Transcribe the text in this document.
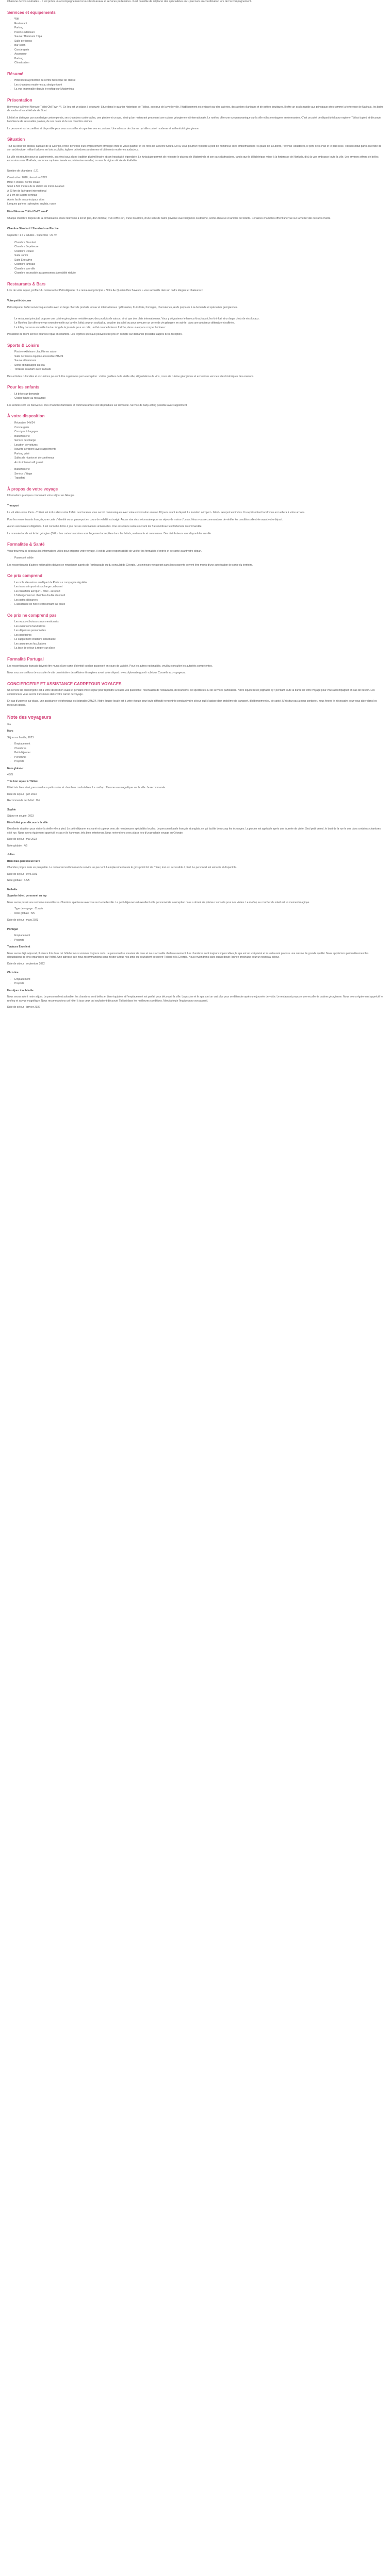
Chacune de vos souhaités... Il est prévu un accompagnement à tous les bureaux et services partenaires. Il est possible de déplacer des spécialistes en 1 parcours en coordination lors de l'accompagnement.

Services et équipements
• Wifi
• Restaurant
• Parking
• Piscine extérieure
• Sauna / Hammam / Spa
• Salle de fitness
• Bar-salon
• Conciergerie
• Ascenseur
• Parking
• Climatisation
Résumé
• Hôtel idéal à proximité du centre historique de Tbilissi
• Les chambres modernes au design épuré
• La vue imprenable depuis le rooftop sur Mtatsminda
Présentation

Bienvenue à l'Hôtel Mercure Tbilisi Old Town 4*. Ce lieu est un plaisir à découvrir. Situé dans le quartier historique de Tbilissi, au cœur de la vieille ville, l'établissement est entouré par des galeries, des ateliers d'artisans et de petites boutiques. Il offre un accès rapide aux principaux sites comme la forteresse de Narikala, les bains de soufre et la cathédrale de Sioni.

L'hôtel se distingue par son design contemporain, ses chambres confortables, une piscine et un spa, ainsi qu'un restaurant proposant une cuisine géorgienne et internationale. Le rooftop offre une vue panoramique sur la ville et les montagnes environnantes. C'est un point de départ idéal pour explorer Tbilissi à pied et découvrir l'ambiance de ses ruelles pavées, de ses cafés et de ses marchés animés.

Le personnel est accueillant et disponible pour vous conseiller et organiser vos excursions. Une adresse de charme qui allie confort moderne et authenticité géorgienne.

Situation

Tout au cœur de Tbilissi, capitale de la Géorgie, l'hôtel bénéficie d'un emplacement privilégié entre le vieux quartier et les rives de la rivière Koura. De là, vous pourrez rejoindre à pied de nombreux sites emblématiques : la place de la Liberté, l'avenue Roustavéli, le pont de la Paix et le parc Rike. Tbilissi séduit par la diversité de son architecture, mêlant balcons en bois sculptés, églises orthodoxes anciennes et bâtiments modernes audacieux.

La ville est réputée pour sa gastronomie, ses vins issus d'une tradition plurimillénaire et son hospitalité légendaire. Le funiculaire permet de rejoindre le plateau de Mtatsminda et son parc d'attractions, tandis que le téléphérique mène à la forteresse de Narikala, d'où la vue embrasse toute la ville. Les environs offrent de belles excursions vers Mtskheta, ancienne capitale classée au patrimoine mondial, ou vers la région viticole de Kakhétie.

Nombre de chambres : 121

Construit en 2018, rénové en 2023

Hôtel 4 étoiles, norme locale

Situé à 500 mètres de la station de métro Avlabari

À 20 km de l'aéroport international

À 1 km de la gare centrale

Accès facile aux principaux sites

Langues parlées : géorgien, anglais, russe

Hôtel Mercure Tbilisi Old Town 4*

Chaque chambre dispose de la climatisation, d'une télévision à écran plat, d'un minibar, d'un coffre-fort, d'une bouilloire, d'une salle de bains privative avec baignoire ou douche, sèche-cheveux et articles de toilette. Certaines chambres offrent une vue sur la vieille ville ou sur la rivière.

Chambre Standard / Standard vue Piscine

Capacité : 1 à 2 adultes - Superficie : 22 m²

• Chambre Standard
• Chambre Supérieure
• Chambre Deluxe
• Suite Junior
• Suite Executive
• Chambre familiale
• Chambre vue ville
• Chambre accessible aux personnes à mobilité réduite
Restaurants & Bars

Lors de votre séjour, profitez du restaurant et Petit-déjeuner : Le restaurant principal « Notre Au Quotien Des Saveurs » vous accueille dans un cadre élégant et chaleureux.

Votre petit-déjeuner

Petit-déjeuner buffet servi chaque matin avec un large choix de produits locaux et internationaux : pâtisseries, fruits frais, fromages, charcuteries, œufs préparés à la demande et spécialités géorgiennes.

• Le restaurant principal propose une cuisine géorgienne revisitée avec des produits de saison, ainsi que des plats internationaux. Vous y dégusterez le fameux khachapuri, les khinkali et un large choix de vins locaux.
• Le Rooftop Bar offre une vue exceptionnelle sur la ville. Idéal pour un cocktail au coucher du soleil ou pour savourer un verre de vin géorgien en soirée, dans une ambiance détendue et raffinée.
• Le lobby bar vous accueille tout au long de la journée pour un café, un thé ou une boisson fraîche, dans un espace cosy et lumineux.

Possibilité de room service pour les repas en chambre. Les régimes spéciaux peuvent être pris en compte sur demande préalable auprès de la réception.

Sports & Loisirs
• Piscine extérieure chauffée en saison
• Salle de fitness équipée accessible 24h/24
• Sauna et hammam
• Soins et massages au spa
• Terrasse solarium avec transats

Des activités culturelles et excursions peuvent être organisées par la réception : visites guidées de la vieille ville, dégustations de vins, cours de cuisine géorgienne et excursions vers les sites historiques des environs.

Pour les enfants
• Lit bébé sur demande
• Chaise haute au restaurant

Les enfants sont les bienvenus. Des chambres familiales et communicantes sont disponibles sur demande. Service de baby-sitting possible avec supplément.

À votre disposition
• Réception 24h/24
• Conciergerie
• Consigne à bagages
• Blanchisserie
• Service de change
• Location de voitures
• Navette aéroport (avec supplément)
• Parking privé
• Salles de réunion et de conférence
• Accès internet wifi gratuit
• Blanchisserie
• Service d'étage
• Transfert
À propos de votre voyage

Informations pratiques concernant votre séjour en Géorgie.

Transport

Le vol aller-retour Paris - Tbilissi est inclus dans votre forfait. Les horaires vous seront communiqués avec votre convocation environ 10 jours avant le départ. Le transfert aéroport - hôtel - aéroport est inclus. Un représentant local vous accueillera à votre arrivée.

Pour les ressortissants français, une carte d'identité ou un passeport en cours de validité est exigé. Aucun visa n'est nécessaire pour un séjour de moins d'un an. Nous vous recommandons de vérifier les conditions d'entrée avant votre départ.

Aucun vaccin n'est obligatoire. Il est conseillé d'être à jour de ses vaccinations universelles. Une assurance santé couvrant les frais médicaux est fortement recommandée.

La monnaie locale est le lari géorgien (GEL). Les cartes bancaires sont largement acceptées dans les hôtels, restaurants et commerces. Des distributeurs sont disponibles en ville.

Formalités & Santé

Vous trouverez ci-dessous les informations utiles pour préparer votre voyage. Il est de votre responsabilité de vérifier les formalités d'entrée et de santé avant votre départ.

• Passeport valide

Les ressortissants d'autres nationalités doivent se renseigner auprès de l'ambassade ou du consulat de Géorgie. Les mineurs voyageant sans leurs parents doivent être munis d'une autorisation de sortie du territoire.

Ce prix comprend
• Les vols aller-retour au départ de Paris sur compagnie régulière
• Les taxes aéroport et surcharge carburant
• Les transferts aéroport - hôtel - aéroport
• L'hébergement en chambre double standard
• Les petits-déjeuners
• L'assistance de notre représentant sur place
Ce prix ne comprend pas
• Les repas et boissons non mentionnés
• Les excursions facultatives
• Les dépenses personnelles
• Les pourboires
• Le supplément chambre individuelle
• Les assurances facultatives
• La taxe de séjour à régler sur place
Formalité Portugal

Les ressortissants français doivent être munis d'une carte d'identité ou d'un passeport en cours de validité. Pour les autres nationalités, veuillez consulter les autorités compétentes.

Nous vous conseillons de consulter le site du ministère des Affaires étrangères avant votre départ : www.diplomatie.gouv.fr rubrique Conseils aux voyageurs.

CONCIERGERIE ET ASSISTANCE CARREFOUR VOYAGES

Un service de conciergerie est à votre disposition avant et pendant votre séjour pour répondre à toutes vos questions : réservation de restaurants, d'excursions, de spectacles ou de services particuliers. Notre équipe reste joignable 7j/7 pendant toute la durée de votre voyage pour vous accompagner en cas de besoin. Les coordonnées vous seront transmises dans votre carnet de voyage.

En cas d'urgence sur place, une assistance téléphonique est joignable 24h/24. Notre équipe locale est à votre écoute pour toute difficulté rencontrée pendant votre séjour, qu'il s'agisse d'un problème de transport, d'hébergement ou de santé. N'hésitez pas à nous contacter, nous ferons le nécessaire pour vous aider dans les meilleurs délais.

Note des voyageurs

4.1

Marc

Séjour en famille, 2023

• Emplacement
• Chambres
• Petit-déjeuner
• Personnel
• Propreté

Note globale :

4.5/5

Très bon séjour à Tbilissi

Hôtel très bien situé, personnel aux petits soins et chambres confortables. Le rooftop offre une vue magnifique sur la ville. Je recommande.

Date de séjour : juin 2023

Recommande cet hôtel : Oui

Sophie

Séjour en couple, 2023

Hôtel idéal pour découvrir la ville

Excellente situation pour visiter la vieille ville à pied. Le petit-déjeuner est varié et copieux avec de nombreuses spécialités locales. Le personnel parle français et anglais, ce qui facilite beaucoup les échanges. La piscine est agréable après une journée de visite. Seul petit bémol, le bruit de la rue le soir dans certaines chambres côté rue. Nous avons également apprécié le spa et le hammam, très bien entretenus. Nous reviendrons avec plaisir lors d'un prochain voyage en Géorgie.

Date de séjour : mai 2023

Note globale : 4/5

Julien

Bien mais peut mieux faire

Chambre propre mais un peu petite. Le restaurant est bon mais le service un peu lent. L'emplacement reste le gros point fort de l'hôtel, tout est accessible à pied. Le personnel est aimable et disponible.

Date de séjour : avril 2023

Note globale : 3.5/5

Nathalie

Superbe hôtel, personnel au top

Nous avons passé une semaine merveilleuse. Chambre spacieuse avec vue sur la vieille ville. Le petit-déjeuner est excellent et le personnel de la réception nous a donné de précieux conseils pour nos visites. Le rooftop au coucher du soleil est un moment magique.

• Type de voyage : Couple
• Note globale : 5/5

Date de séjour : mars 2023

Portugal

• Emplacement
• Propreté

Toujours Excellent

Nous avons déjà séjourné plusieurs fois dans cet hôtel et nous sommes toujours ravis. Le personnel se souvient de nous et nous accueille chaleureusement. Les chambres sont toujours impeccables, le spa est un vrai plaisir et le restaurant propose une cuisine de grande qualité. Nous apprécions particulièrement les dégustations de vins organisées par l'hôtel. Une adresse que nous recommandons sans hésiter à tous nos amis qui souhaitent découvrir Tbilissi et la Géorgie. Nous reviendrons sans aucun doute l'année prochaine pour un nouveau séjour.

Date de séjour : septembre 2022

Christine

• Emplacement
• Propreté

Un séjour inoubliable

Nous avons adoré notre séjour. Le personnel est adorable, les chambres sont belles et bien équipées et l'emplacement est parfait pour découvrir la ville. La piscine et le spa sont un vrai plus pour se détendre après une journée de visite. Le restaurant propose une excellente cuisine géorgienne. Nous avons également apprécié le rooftop et sa vue magnifique. Nous recommandons cet hôtel à tous ceux qui souhaitent découvrir Tbilissi dans les meilleures conditions. Merci à toute l'équipe pour son accueil.

Date de séjour : janvier 2022
